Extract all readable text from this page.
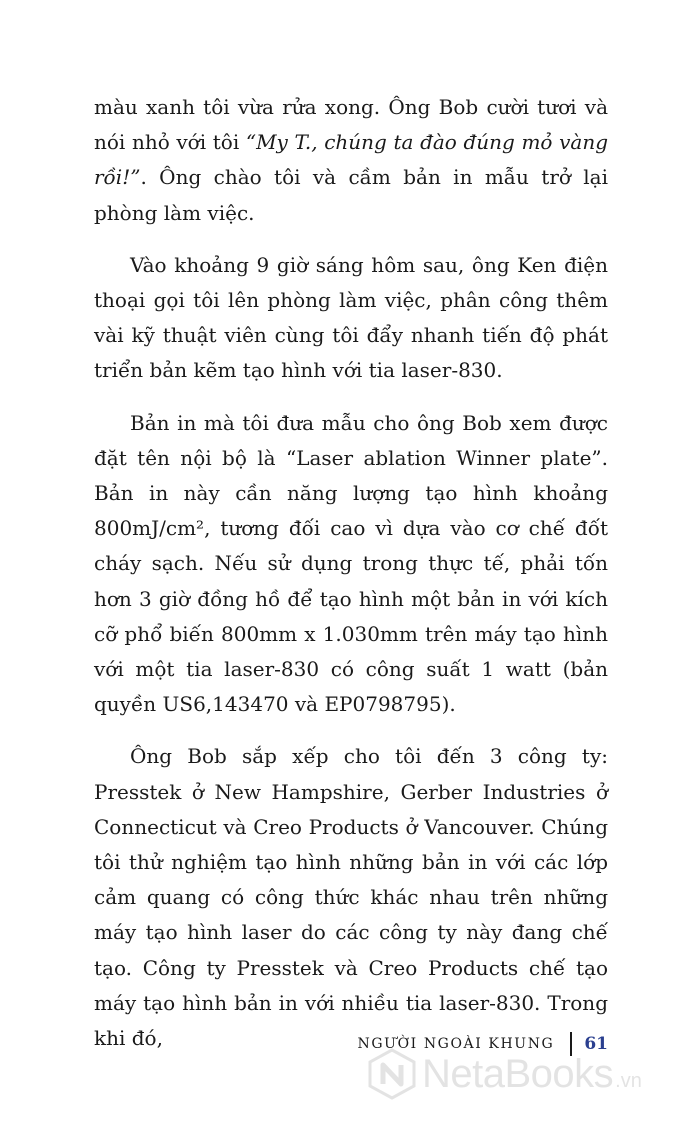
màu xanh tôi vừa rửa xong. Ông Bob cười tươi và nói nhỏ với tôi “My T., chúng ta đào đúng mỏ vàng rồi!”. Ông chào tôi và cầm bản in mẫu trở lại phòng làm việc.

Vào khoảng 9 giờ sáng hôm sau, ông Ken điện thoại gọi tôi lên phòng làm việc, phân công thêm vài kỹ thuật viên cùng tôi đẩy nhanh tiến độ phát triển bản kẽm tạo hình với tia laser-830.

Bản in mà tôi đưa mẫu cho ông Bob xem được đặt tên nội bộ là “Laser ablation Winner plate”. Bản in này cần năng lượng tạo hình khoảng 800mJ/cm², tương đối cao vì dựa vào cơ chế đốt cháy sạch. Nếu sử dụng trong thực tế, phải tốn hơn 3 giờ đồng hồ để tạo hình một bản in với kích cỡ phổ biến 800mm x 1.030mm trên máy tạo hình với một tia laser-830 có công suất 1 watt (bản quyền US6,143470 và EP0798795).

Ông Bob sắp xếp cho tôi đến 3 công ty: Presstek ở New Hampshire, Gerber Industries ở Connecticut và Creo Products ở Vancouver. Chúng tôi thử nghiệm tạo hình những bản in với các lớp cảm quang có công thức khác nhau trên những máy tạo hình laser do các công ty này đang chế tạo. Công ty Presstek và Creo Products chế tạo máy tạo hình bản in với nhiều tia laser-830. Trong khi đó,	NGƯỜI NGOÀI KHUNG 61
NetaBooks .vn
